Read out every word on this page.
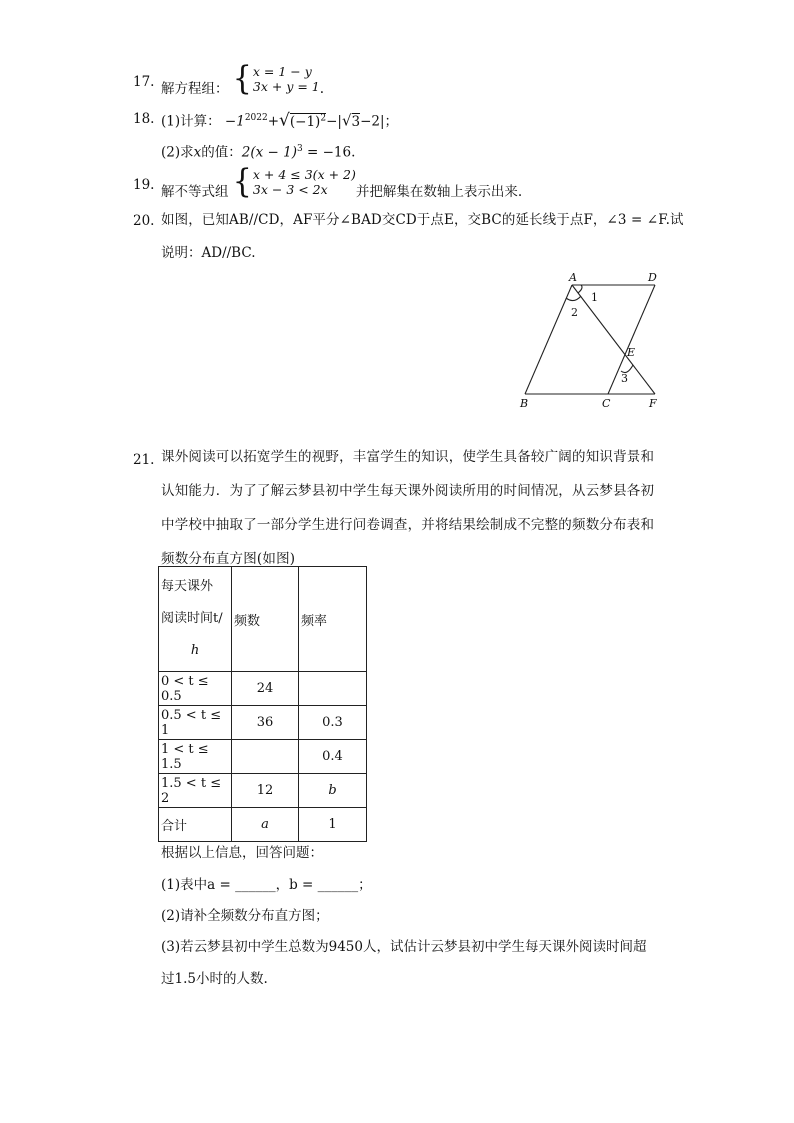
17. 解方程组： { x = 1 − y
3x + y = 1 .
18. (1)计算： $-1^{2022}+√(-1)^2-|√3-2|$；
(2)求x的值：$2(x - 1)^3 = -16$.
19. 解不等式组 { x + 4 ≤ 3(x + 2)
3x − 3 < 2x	并把解集在数轴上表示出来.
20. 如图，已知AB//CD，AF平分∠BAD交CD于点E，交BC的延长线于点F，∠3 = ∠F.试
说明：AD//BC.
A	D
B	C	F
E
1
2
3
21. 课外阅读可以拓宽学生的视野，丰富学生的知识，使学生具备较广阔的知识背景和认知能力．为了了解云梦县初中学生每天课外阅读所用的时间情况，从云梦县各初中学校中抽取了一部分学生进行问卷调查，并将结果绘制成不完整的频数分布表和频数分布直方图(如图)
每天课外
阅读时间t/
h	频数	频率
0 < t ≤ 0.5	24	
0.5 < t ≤ 1	36	0.3
1 < t ≤ 1.5		0.4
1.5 < t ≤ 2	12	b
合计	a	1
根据以上信息，回答问题：
(1)表中a = ______，b = ______；
(2)请补全频数分布直方图；
(3)若云梦县初中学生总数为9450人，试估计云梦县初中学生每天课外阅读时间超
过1.5小时的人数.
